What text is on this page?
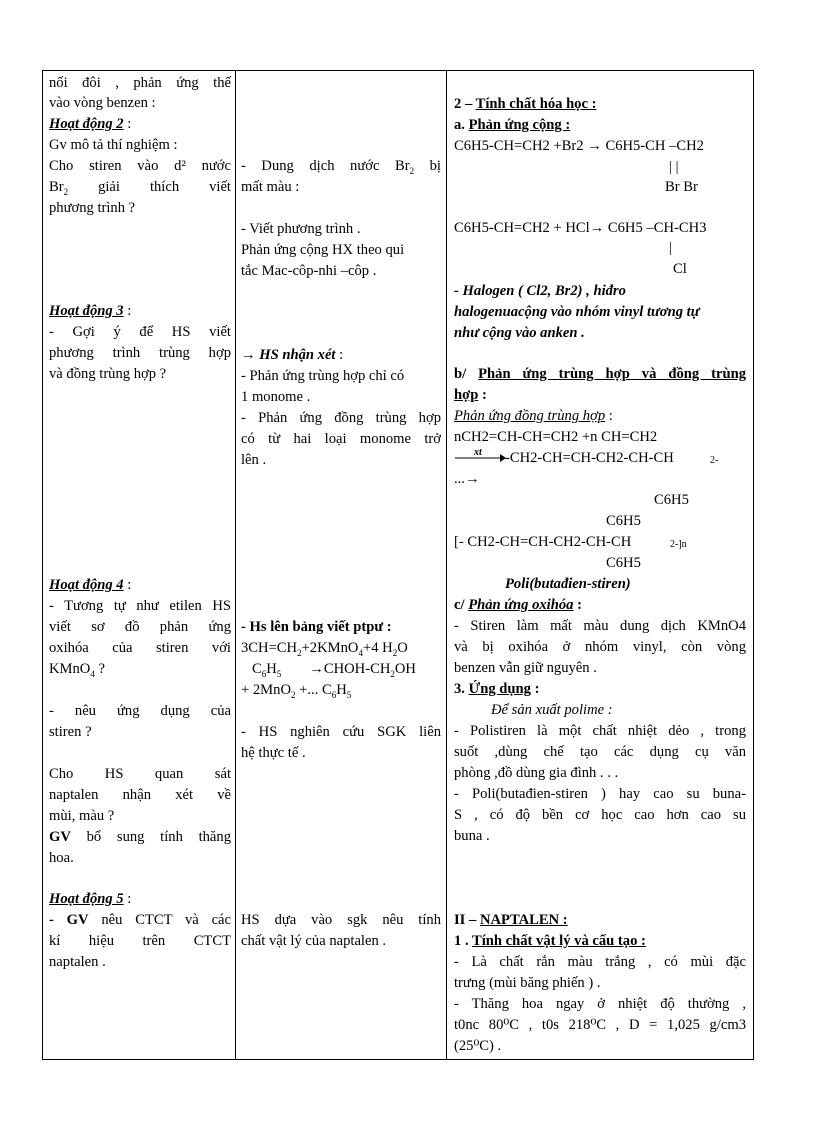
nối đôi , phản ứng thế
vào vòng benzen :
Hoạt động 2 :
Gv mô tả thí nghiệm :
Cho stiren vào d² nước
$Br_2$ giải thích viết
phương trình ?
Hoạt động 3 :
- Gợi ý để HS viết
phương trình trùng hợp
và đồng trùng hợp ?
Hoạt động 4 :
- Tương tự như etilen HS
viết sơ đồ phản ứng
oxihóa của stiren với
KMnO$_4$ ?
- nêu ứng dụng của
stiren ?
Cho HS quan sát
naptalen nhận xét về
mùi, màu ?
GV bổ sung tính thăng
hoa.
Hoạt động 5 :
- GV nêu CTCT và các
kí hiệu trên CTCT
naptalen .
- Dung dịch nước $Br_2$ bị
mất màu :
- Viết phương trình .
Phản ứng cộng HX theo qui
tắc Mac-côp-nhi –côp .
→ HS nhận xét :
- Phản ứng trùng hợp chỉ có
1 monome .
- Phản ứng đồng trùng hợp
có từ hai loại monome trở
lên .
- Hs lên bảng viết ptpư :
$3CH=CH_2+2KMnO_4+4$ $H_2O$
$C_6H_5$ $\to CHOH-CH_2OH$
+ 2MnO$_2$ +... $C_6H_5$
- HS nghiên cứu SGK liên
hệ thực tế .
HS dựa vào sgk nêu tính
chất vật lý của naptalen .
2 – Tính chất hóa học :
a. Phản ứng cộng :
C6H5-CH=CH2 +Br2 → C6H5-CH –CH2
| |
Br Br
C6H5-CH=CH2 + HCl→ C6H5 –CH-CH3
|
Cl
- Halogen ( Cl2, Br2) , hiđro
halogenuacộng vào nhóm vinyl tương tự
như cộng vào anken .
b/ Phản ứng trùng hợp và đồng trùng
hợp :
Phản ứng đồng trùng hợp :
nCH2=CH-CH=CH2 +n CH=CH2
xt -CH2-CH=CH-CH2-CH-CH	2-
...→
C6H5
C6H5
[- CH2-CH=CH-CH2-CH-CH	2-]n
C6H5
Poli(butađien-stiren)
c/ Phản ứng oxihóa :
- Stiren làm mất màu dung dịch KMnO4
và bị oxihóa ở nhóm vinyl, còn vòng
benzen vẫn giữ nguyên .
3. Ứng dụng :
Để sản xuất polime :
- Polistiren là một chất nhiệt dẻo , trong
suốt ,dùng chế tạo các dụng cụ văn
phòng ,đồ dùng gia đình . . .
- Poli(butađien-stiren ) hay cao su buna-
S , có độ bền cơ học cao hơn cao su
buna .
II – NAPTALEN :
1 . Tính chất vật lý và cấu tạo :
- Là chất rắn màu trắng , có mùi đặc
trưng (mùi băng phiến ) .
- Thăng hoa ngay ở nhiệt độ thường ,
t0nc 80⁰C , t0s 218⁰C , D = 1,025 g/cm3
(25⁰C) .
